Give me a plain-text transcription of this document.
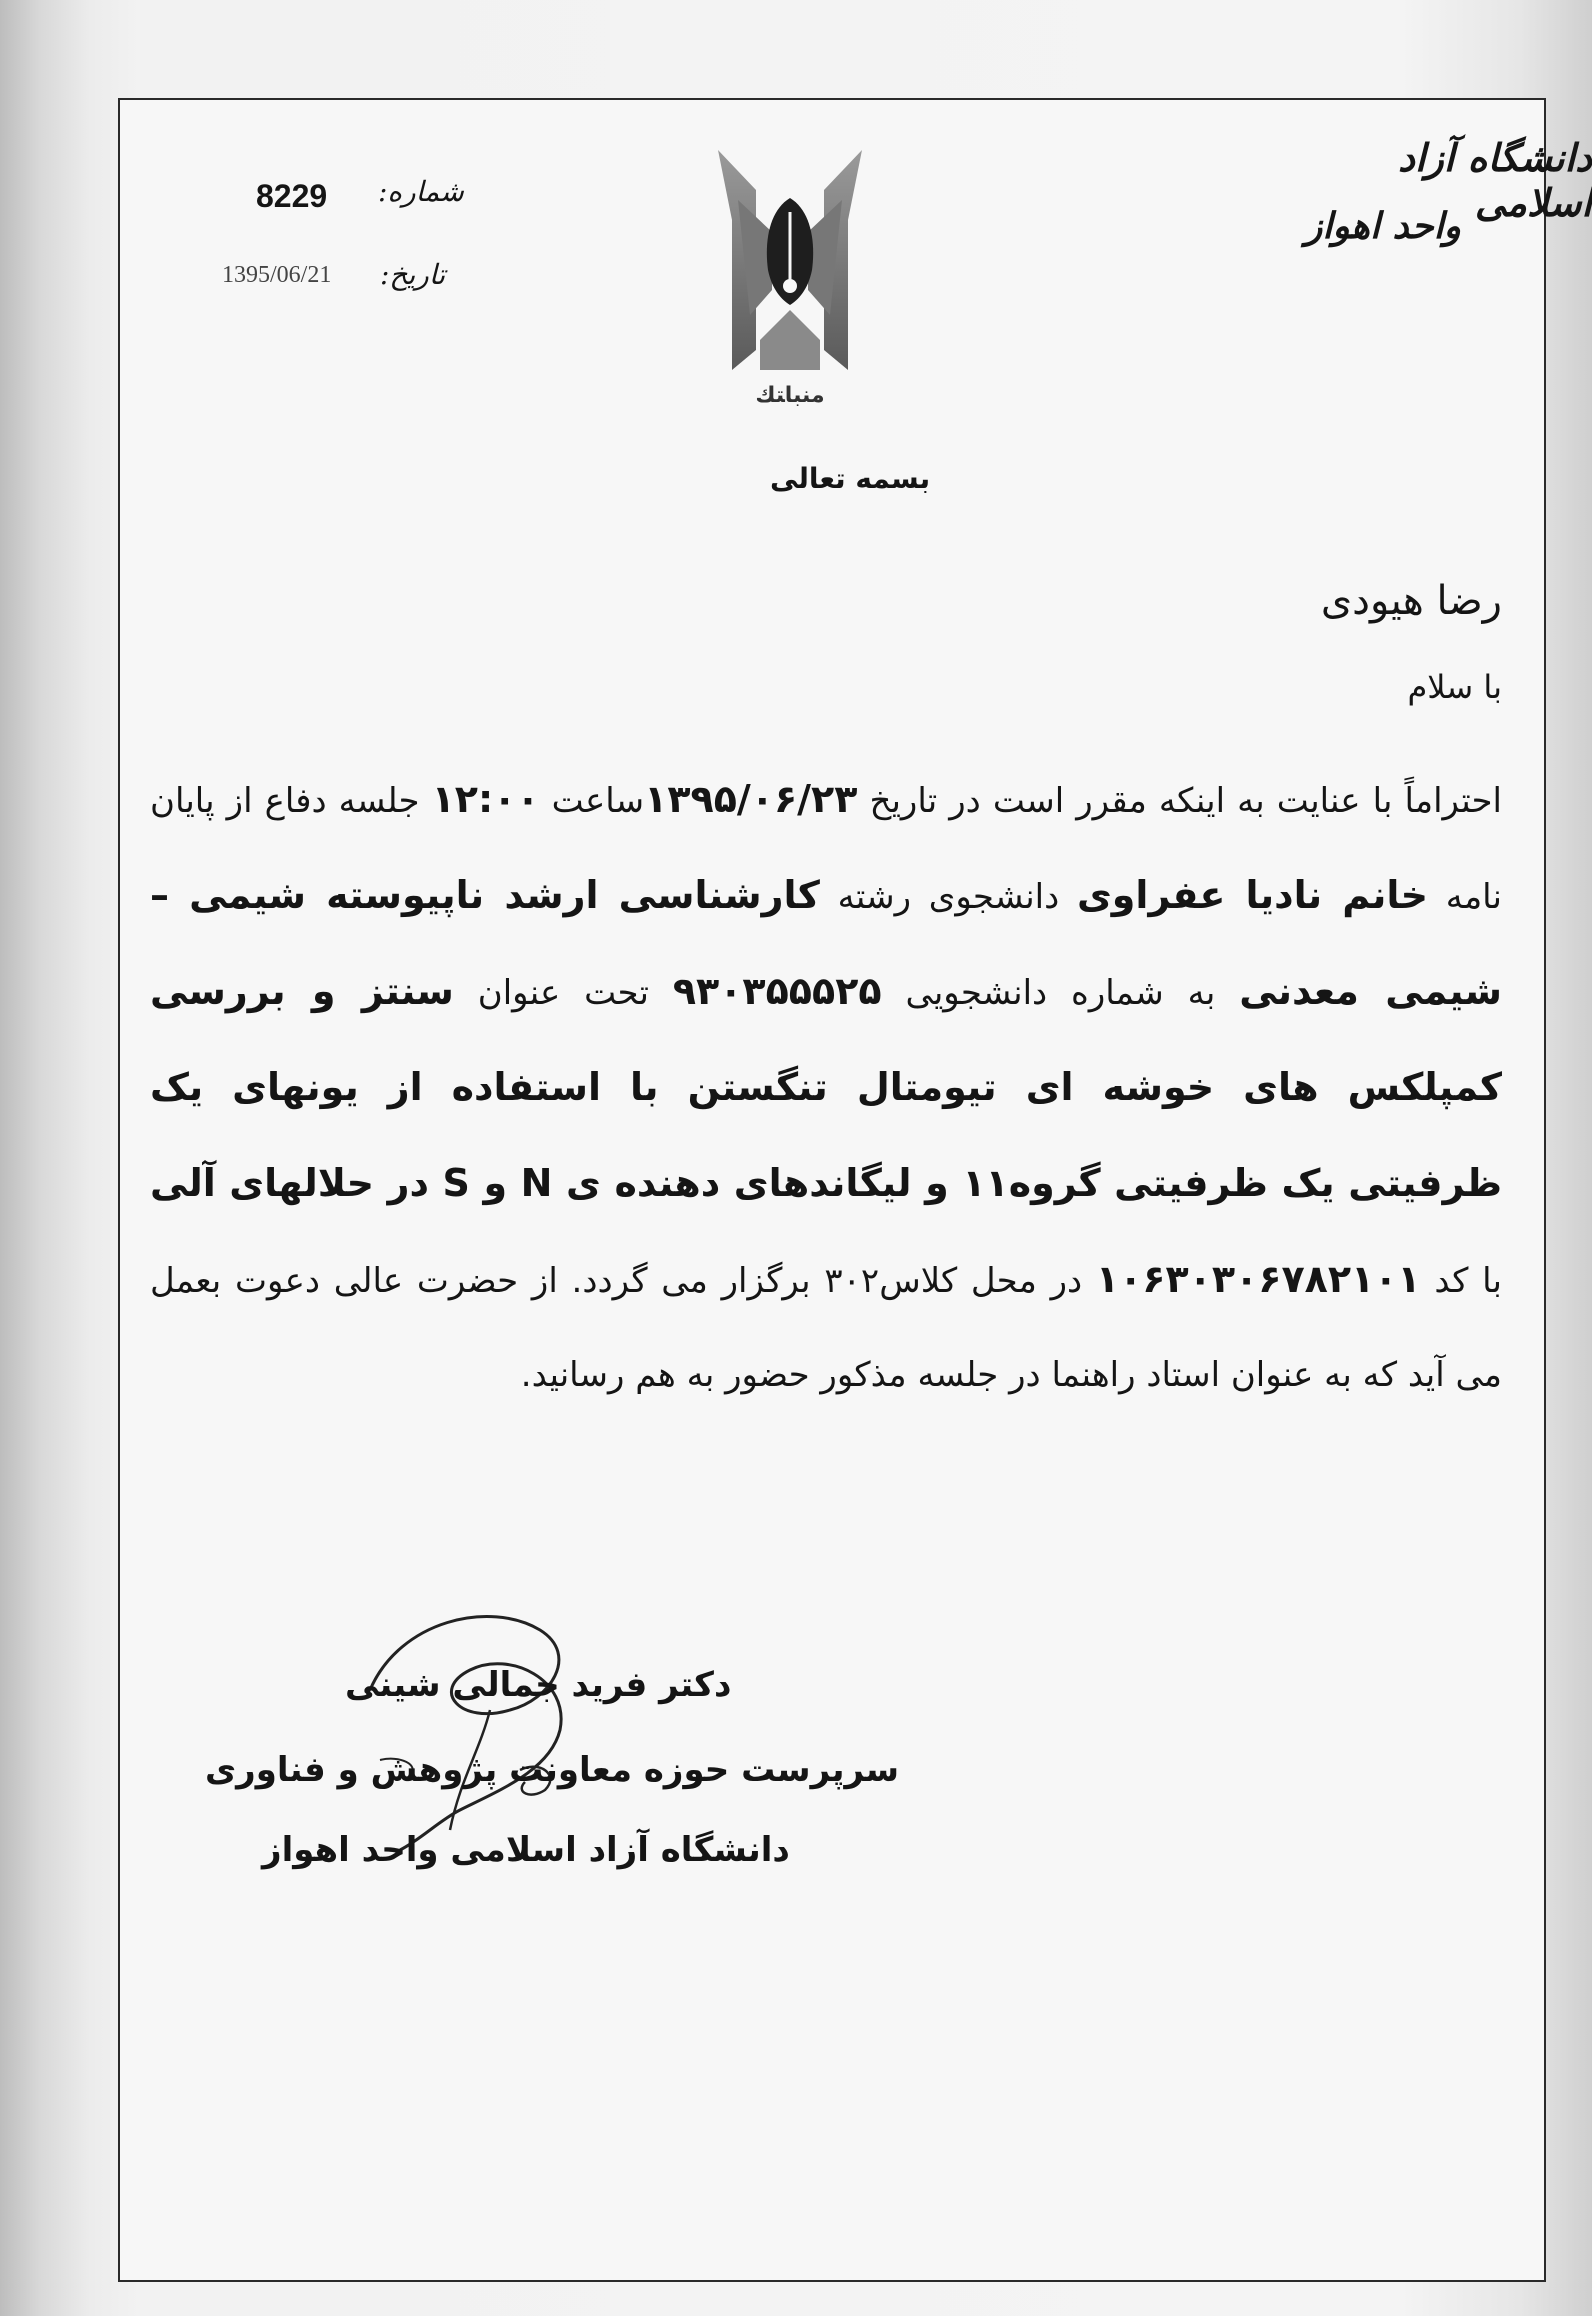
دانشگاه آزاد اسلامی
واحد اهواز
شماره:
8229
تاریخ:
1395/06/21
ﻣﻨﺒﺎﺘﻚ
بسمه تعالی
رضا هیودی
با سلام
احتراماً با عنایت به اینکه مقرر است در تاریخ ۱۳۹۵/۰۶/۲۳ساعت ۱۲:۰۰ جلسه دفاع از پایان نامه خانم نادیا عفراوی دانشجوی رشته کارشناسی ارشد ناپیوسته شیمی – شیمی معدنی به شماره دانشجویی ۹۳۰۳۵۵۵۲۵ تحت عنوان سنتز و بررسی کمپلکس های خوشه ای تیومتال تنگستن با استفاده از یونهای یک ظرفیتی یک ظرفیتی گروه۱۱ و لیگاندهای دهنده ی N و S در حلالهای آلی با کد ۱۰۶۳۰۳۰۶۷۸۲۱۰۱ در محل کلاس۳۰۲ برگزار می گردد. از حضرت عالی دعوت بعمل می آید که به عنوان استاد راهنما در جلسه مذکور حضور به هم رسانید.
دکتر فرید جمالی شینی
سرپرست حوزه معاونت پژوهش و فناوری
دانشگاه آزاد اسلامی واحد اهواز
